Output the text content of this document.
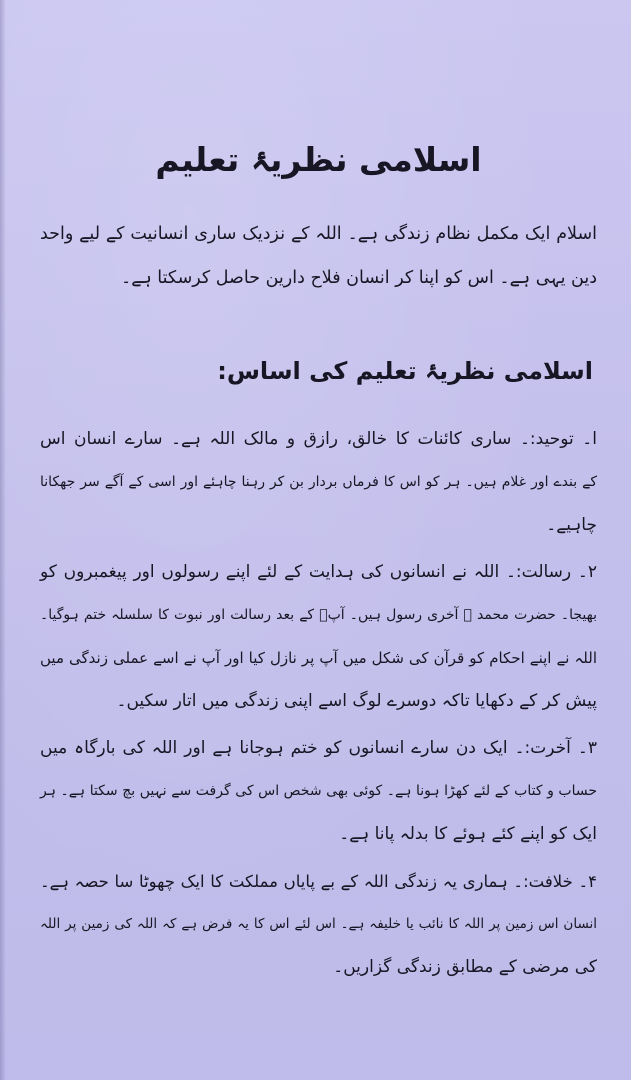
اسلامی نظریۂ تعلیم
اسلام ایک مکمل نظام زندگی ہے۔ اللہ کے نزدیک ساری انسانیت کے لیے واحد
دین یہی ہے۔ اس کو اپنا کر انسان فلاح دارین حاصل کرسکتا ہے۔
اسلامی نظریۂ تعلیم کی اساس:
ا۔ توحید:۔ ساری کائنات کا خالق، رازق و مالک اللہ ہے۔ سارے انسان اس
کے بندے اور غلام ہیں۔ ہر کو اس کا فرماں بردار بن کر رہنا چاہئے اور اسی کے آگے سر جھکانا
چاہیے۔
۲۔ رسالت:۔ اللہ نے انسانوں کی ہدایت کے لئے اپنے رسولوں اور پیغمبروں کو
بھیجا۔ حضرت محمد ﷺ آخری رسول ہیں۔ آپؐ کے بعد رسالت اور نبوت کا سلسلہ ختم ہوگیا۔
اللہ نے اپنے احکام کو قرآن کی شکل میں آپ پر نازل کیا اور آپ نے اسے عملی زندگی میں
پیش کر کے دکھایا تاکہ دوسرے لوگ اسے اپنی زندگی میں اتار سکیں۔
۳۔ آخرت:۔ ایک دن سارے انسانوں کو ختم ہوجانا ہے اور اللہ کی بارگاہ میں
حساب و کتاب کے لئے کھڑا ہونا ہے۔ کوئی بھی شخص اس کی گرفت سے نہیں بچ سکتا ہے۔ ہر
ایک کو اپنے کئے ہوئے کا بدلہ پانا ہے۔
۴۔ خلافت:۔ ہماری یہ زندگی اللہ کے بے پایاں مملکت کا ایک چھوٹا سا حصہ ہے۔
انسان اس زمین پر اللہ کا نائب یا خلیفہ ہے۔ اس لئے اس کا یہ فرض ہے کہ اللہ کی زمین پر اللہ
کی مرضی کے مطابق زندگی گزاریں۔
